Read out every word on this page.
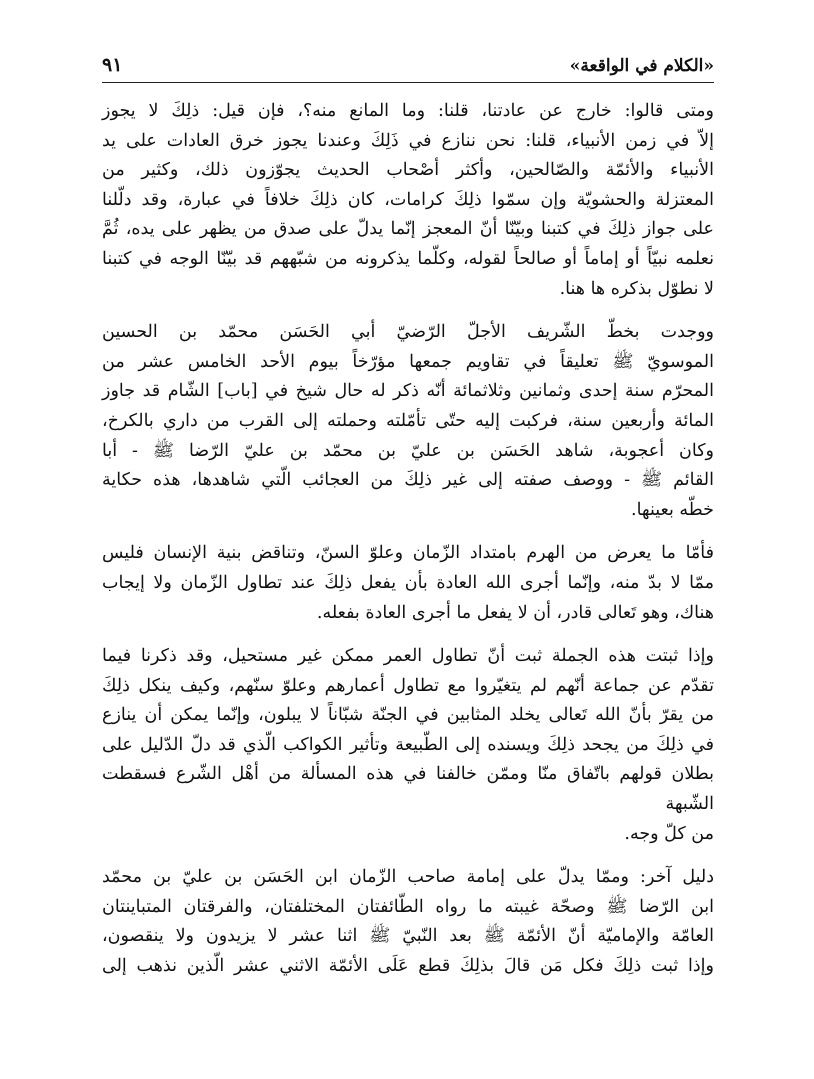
«الكلام في الواقعة»
٩١

ومتى قالوا: خارج عن عادتنا، قلنا: وما المانع منه؟، فإن قيل: ذلِكَ لا يجوز
إلاّ في زمن الأنبياء، قلنا: نحن ننازع في ذَلِكَ وعندنا يجوز خرق العادات على يد
الأنبياء والأئمّة والصّالحين، وأكثر أصْحاب الحديث يجوّزون ذلك، وكثير من
المعتزلة والحشويّة وإن سمّوا ذلِكَ كرامات، كان ذلِكَ خلافاً في عبارة، وقد دلّلنا
على جواز ذلِكَ في كتبنا وبيّنّا أنّ المعجز إنّما يدلّ على صدق من يظهر على يده، ثُمَّ
نعلمه نبيّاً أو إماماً أو صالحاً لقوله، وكلّما يذكرونه من شبّههم قد بيّنّا الوجه في كتبنا
لا نطوّل بذكره ها هنا.

ووجدت بخطّ الشّريف الأجلّ الرّضيّ أبي الحَسَن محمّد بن الحسين
الموسويّ ﷺ تعليقاً في تقاويم جمعها مؤرّخاً بيوم الأحد الخامس عشر من
المحرّم سنة إحدى وثمانين وثلاثمائة أنّه ذكر له حال شيخ في [باب] الشّام قد جاوز
المائة وأربعين سنة، فركبت إليه حتّى تأمّلته وحملته إلى القرب من داري بالكرخ،
وكان أعجوبة، شاهد الحَسَن بن عليّ بن محمّد بن عليّ الرّضا ﷺ - أبا
القائم ﷺ - ووصف صفته إلى غير ذلِكَ من العجائب الّتي شاهدها، هذه حكاية
خطّه بعينها.

فأمّا ما يعرض من الهرم بامتداد الزّمان وعلوّ السنّ، وتناقض بنية الإنسان فليس
ممّا لا بدّ منه، وإنّما أجرى الله العادة بأن يفعل ذلِكَ عند تطاول الزّمان ولا إيجاب
هناك، وهو تَعالى قادر، أن لا يفعل ما أجرى العادة بفعله.

وإذا ثبتت هذه الجملة ثبت أنّ تطاول العمر ممكن غير مستحيل، وقد ذكرنا فيما
تقدّم عن جماعة أنّهم لم يتغيّروا مع تطاول أعمارهم وعلوّ سنّهم، وكيف ينكل ذلِكَ
من يقرّ بأنّ الله تَعالى يخلد المثابين في الجنّة شبّاناً لا يبلون، وإنّما يمكن أن ينازع
في ذلِكَ من يجحد ذلِكَ ويسنده إلى الطّبيعة وتأثير الكواكب الّذي قد دلّ الدّليل على
بطلان قولهم باتّفاق منّا وممّن خالفنا في هذه المسألة من أهْل الشّرع فسقطت الشّبهة
من كلّ وجه.

دليل آخر: وممّا يدلّ على إمامة صاحب الزّمان ابن الحَسَن بن عليّ بن محمّد
ابن الرّضا ﷺ وصحّة غيبته ما رواه الطّائفتان المختلفتان، والفرقتان المتباينتان
العامّة والإماميّة أنّ الأئمّة ﷺ بعد النّبيّ ﷺ اثنا عشر لا يزيدون ولا ينقصون،
وإذا ثبت ذلِكَ فكل مَن قالَ بذلِكَ قطع عَلَى الأئمّة الاثني عشر الّذين نذهب إلى
